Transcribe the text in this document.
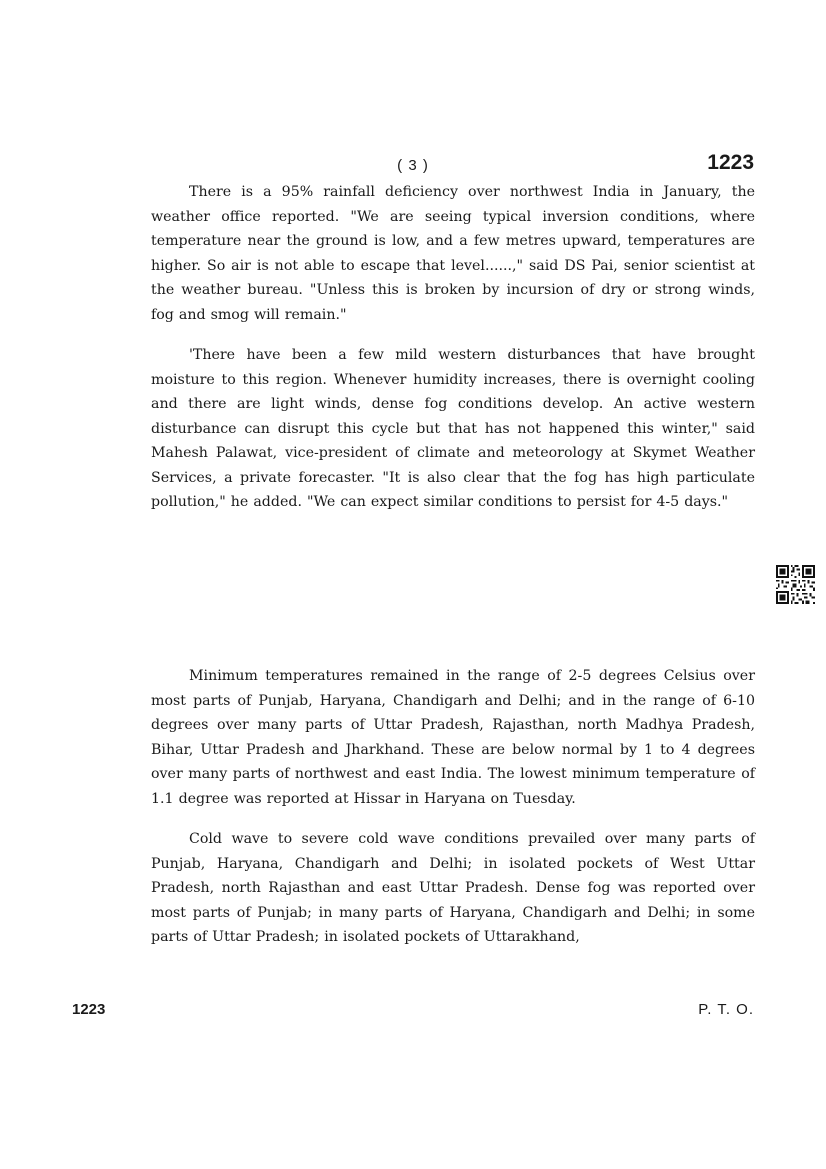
( 3 )	1223

There is a 95% rainfall deficiency over northwest India in January, the weather office reported. "We are seeing typical inversion conditions, where temperature near the ground is low, and a few metres upward, temperatures are higher. So air is not able to escape that level......," said DS Pai, senior scientist at the weather bureau. "Unless this is broken by incursion of dry or strong winds, fog and smog will remain."

'There have been a few mild western disturbances that have brought moisture to this region. Whenever humidity increases, there is overnight cooling and there are light winds, dense fog conditions develop. An active western disturbance can disrupt this cycle but that has not happened this winter," said Mahesh Palawat, vice-president of climate and meteorology at Skymet Weather Services, a private forecaster. "It is also clear that the fog has high particulate pollution," he added. "We can expect similar conditions to persist for 4-5 days."

Minimum temperatures remained in the range of 2-5 degrees Celsius over most parts of Punjab, Haryana, Chandigarh and Delhi; and in the range of 6-10 degrees over many parts of Uttar Pradesh, Rajasthan, north Madhya Pradesh, Bihar, Uttar Pradesh and Jharkhand. These are below normal by 1 to 4 degrees over many parts of northwest and east India. The lowest minimum temperature of 1.1 degree was reported at Hissar in Haryana on Tuesday.

Cold wave to severe cold wave conditions prevailed over many parts of Punjab, Haryana, Chandigarh and Delhi; in isolated pockets of West Uttar Pradesh, north Rajasthan and east Uttar Pradesh. Dense fog was reported over most parts of Punjab; in many parts of Haryana, Chandigarh and Delhi; in some parts of Uttar Pradesh; in isolated pockets of Uttarakhand,

1223	P. T. O.
